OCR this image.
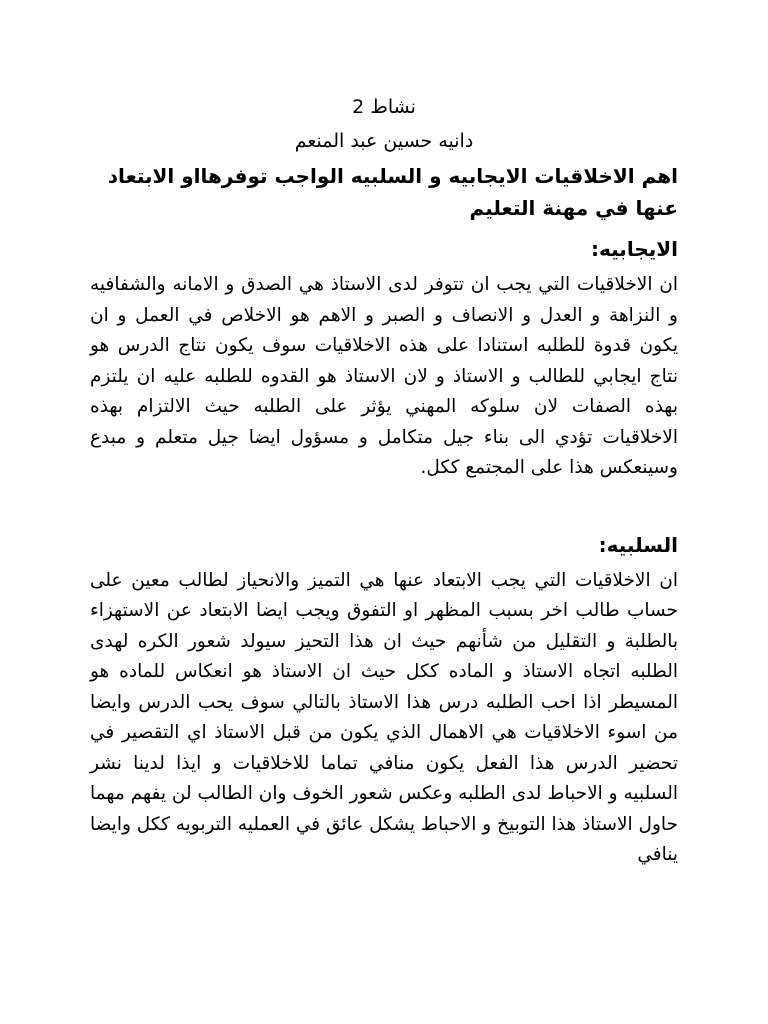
نشاط 2

دانيه حسين عبد المنعم

اهم الاخلاقيات الايجابيه و السلبيه الواجب توفرهااو الابتعاد عنها في مهنة التعليم

الايجابيه:

ان الاخلاقيات التي يجب ان تتوفر لدى الاستاذ هي الصدق و الامانه والشفافيه و النزاهة و العدل و الانصاف و الصبر و الاهم هو الاخلاص في العمل و ان يكون قدوة للطلبه استنادا على هذه الاخلاقيات سوف يكون نتاج الدرس هو نتاج ايجابي للطالب و الاستاذ و لان الاستاذ هو القدوه للطلبه عليه ان يلتزم بهذه الصفات لان سلوكه المهني يؤثر على الطلبه حيث الالتزام بهذه الاخلاقيات تؤدي الى بناء جيل متكامل و مسؤول ايضا جيل متعلم و مبدع وسينعكس هذا على المجتمع ككل.

السلبيه:

ان الاخلاقيات التي يجب الابتعاد عنها هي التميز والانحياز لطالب معين على حساب طالب اخر بسبب المظهر او التفوق ويجب ايضا الابتعاد عن الاستهزاء بالطلبة و التقليل من شأنهم حيث ان هذا التحيز سيولد شعور الكره لهدى الطلبه اتجاه الاستاذ و الماده ككل حيث ان الاستاذ هو انعكاس للماده هو المسيطر اذا احب الطلبه درس هذا الاستاذ بالتالي سوف يحب الدرس وايضا من اسوء الاخلاقيات هي الاهمال الذي يكون من قبل الاستاذ اي التقصير في تحضير الدرس هذا الفعل يكون منافي تماما للاخلاقيات و ايذا لدينا نشر السلبيه و الاحباط لدى الطلبه وعكس شعور الخوف وان الطالب لن يفهم مهما حاول الاستاذ هذا التوبيخ و الاحباط يشكل عائق في العمليه التربويه ككل وايضا ينافي
